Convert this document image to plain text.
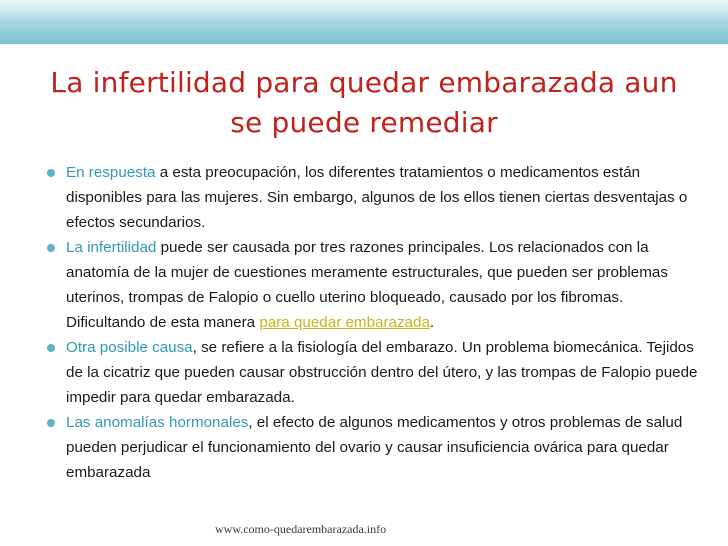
La infertilidad para quedar embarazada aun
se puede remediar
En respuesta a esta preocupación, los diferentes tratamientos o medicamentos están disponibles para las mujeres. Sin embargo, algunos de los ellos tienen ciertas desventajas o efectos secundarios.
La infertilidad puede ser causada por tres razones principales. Los relacionados con la anatomía de la mujer de cuestiones meramente estructurales, que pueden ser problemas uterinos, trompas de Falopio o cuello uterino bloqueado, causado por los fibromas. Dificultando de esta manera para quedar embarazada.
Otra posible causa, se refiere a la fisiología del embarazo. Un problema biomecánica. Tejidos de la cicatriz que pueden causar obstrucción dentro del útero, y las trompas de Falopio puede impedir para quedar embarazada.
Las anomalías hormonales, el efecto de algunos medicamentos y otros problemas de salud pueden perjudicar el funcionamiento del ovario y causar insuficiencia ovárica para quedar embarazada
www.como-quedarembarazada.info
